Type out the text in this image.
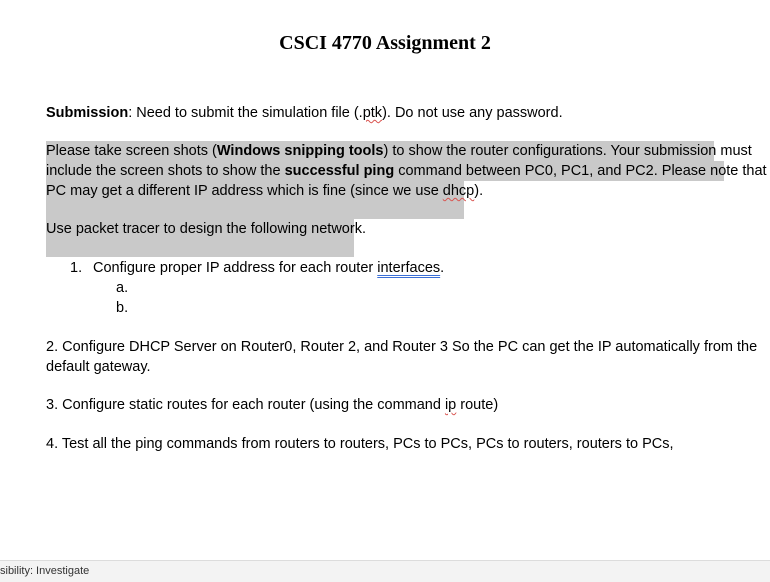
CSCI 4770 Assignment 2
Submission: Need to submit the simulation file (.ptk). Do not use any password.
Please take screen shots (Windows snipping tools) to show the router configurations. Your submission must
include the screen shots to show the successful ping command between PC0, PC1, and PC2. Please note that
PC may get a different IP address which is fine (since we use dhcp).
Use packet tracer to design the following network.
1. Configure proper IP address for each router interfaces.
a.
b.
2. Configure DHCP Server on Router0, Router 2, and Router 3 So the PC can get the IP automatically from the
default gateway.
3. Configure static routes for each router (using the command ip route)
4. Test all the ping commands from routers to routers, PCs to PCs, PCs to routers, routers to PCs,
sibility: Investigate
